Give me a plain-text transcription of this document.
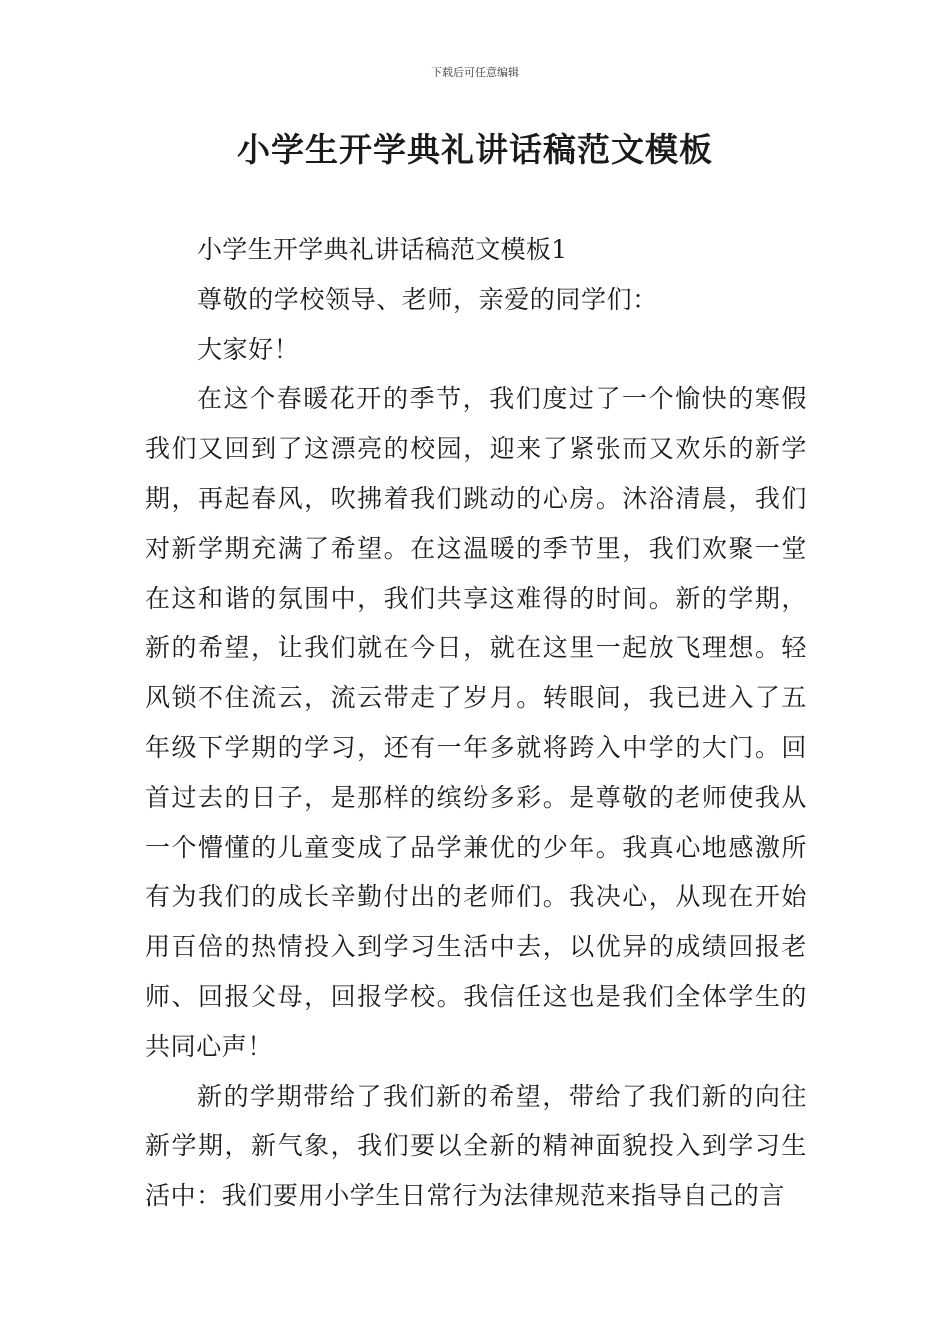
下载后可任意编辑
小学生开学典礼讲话稿范文模板

小学生开学典礼讲话稿范文模板1

尊敬的学校领导、老师，亲爱的同学们：

大家好！

在这个春暖花开的季节，我们度过了一个愉快的寒假我们又回到了这漂亮的校园，迎来了紧张而又欢乐的新学期，再起春风，吹拂着我们跳动的心房。沐浴清晨，我们对新学期充满了希望。在这温暖的季节里，我们欢聚一堂在这和谐的氛围中，我们共享这难得的时间。新的学期，新的希望，让我们就在今日，就在这里一起放飞理想。轻风锁不住流云，流云带走了岁月。转眼间，我已进入了五年级下学期的学习，还有一年多就将跨入中学的大门。回首过去的日子，是那样的缤纷多彩。是尊敬的老师使我从一个懵懂的儿童变成了品学兼优的少年。我真心地感激所有为我们的成长辛勤付出的老师们。我决心，从现在开始用百倍的热情投入到学习生活中去，以优异的成绩回报老师、回报父母，回报学校。我信任这也是我们全体学生的共同心声！

新的学期带给了我们新的希望，带给了我们新的向往新学期，新气象，我们要以全新的精神面貌投入到学习生活中：我们要用小学生日常行为法律规范来指导自己的言
